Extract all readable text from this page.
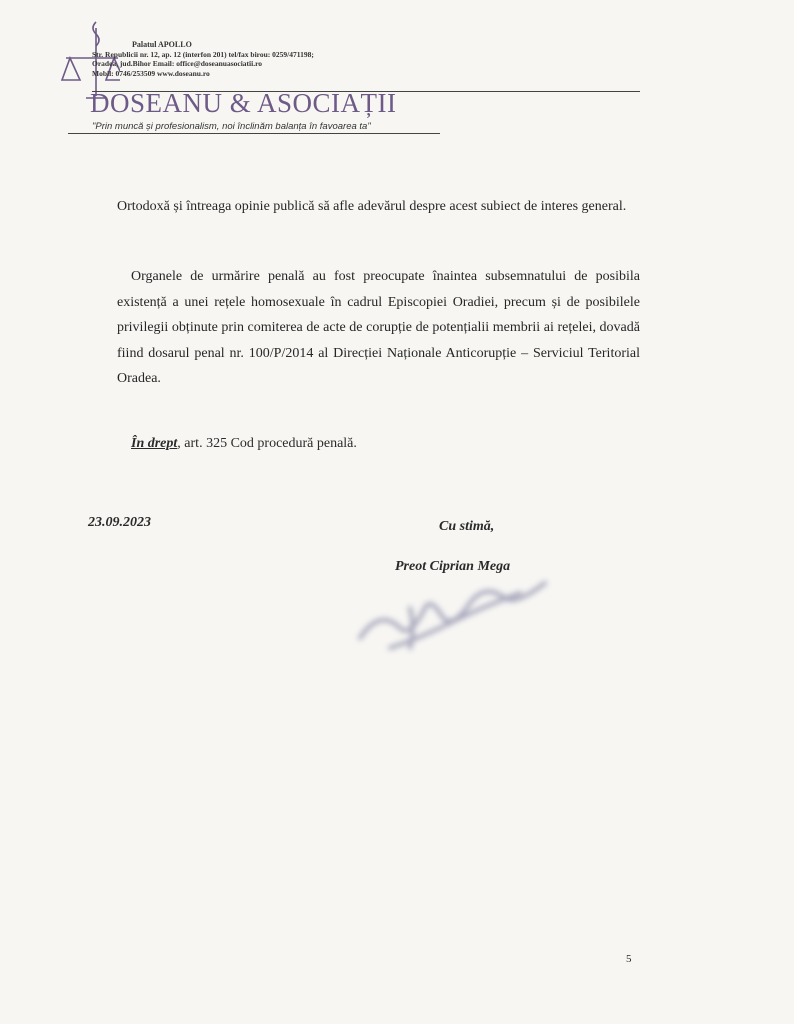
Palatul APOLLO
Str. Republicii nr. 12, ap. 12 (interfon 201) tel/fax birou: 0259/471198;
Oradea, jud.Bihor Email: office@doseanuasociatii.ro
Mobil: 0746/253509 www.doseanu.ro
DOSEANU & ASOCIAȚII
"Prin muncă și profesionalism, noi înclinăm balanța în favoarea ta"

Ortodoxă și întreaga opinie publică să afle adevărul despre acest subiect de interes general.

Organele de urmărire penală au fost preocupate înaintea subsemnatului de posibila existență a unei rețele homosexuale în cadrul Episcopiei Oradiei, precum și de posibilele privilegii obținute prin comiterea de acte de corupție de potențialii membrii ai rețelei, dovadă fiind dosarul penal nr. 100/P/2014 al Direcției Naționale Anticorupție – Serviciul Teritorial Oradea.

În drept, art. 325 Cod procedură penală.
23.09.2023	Cu stimă,
Preot Ciprian Mega
5
